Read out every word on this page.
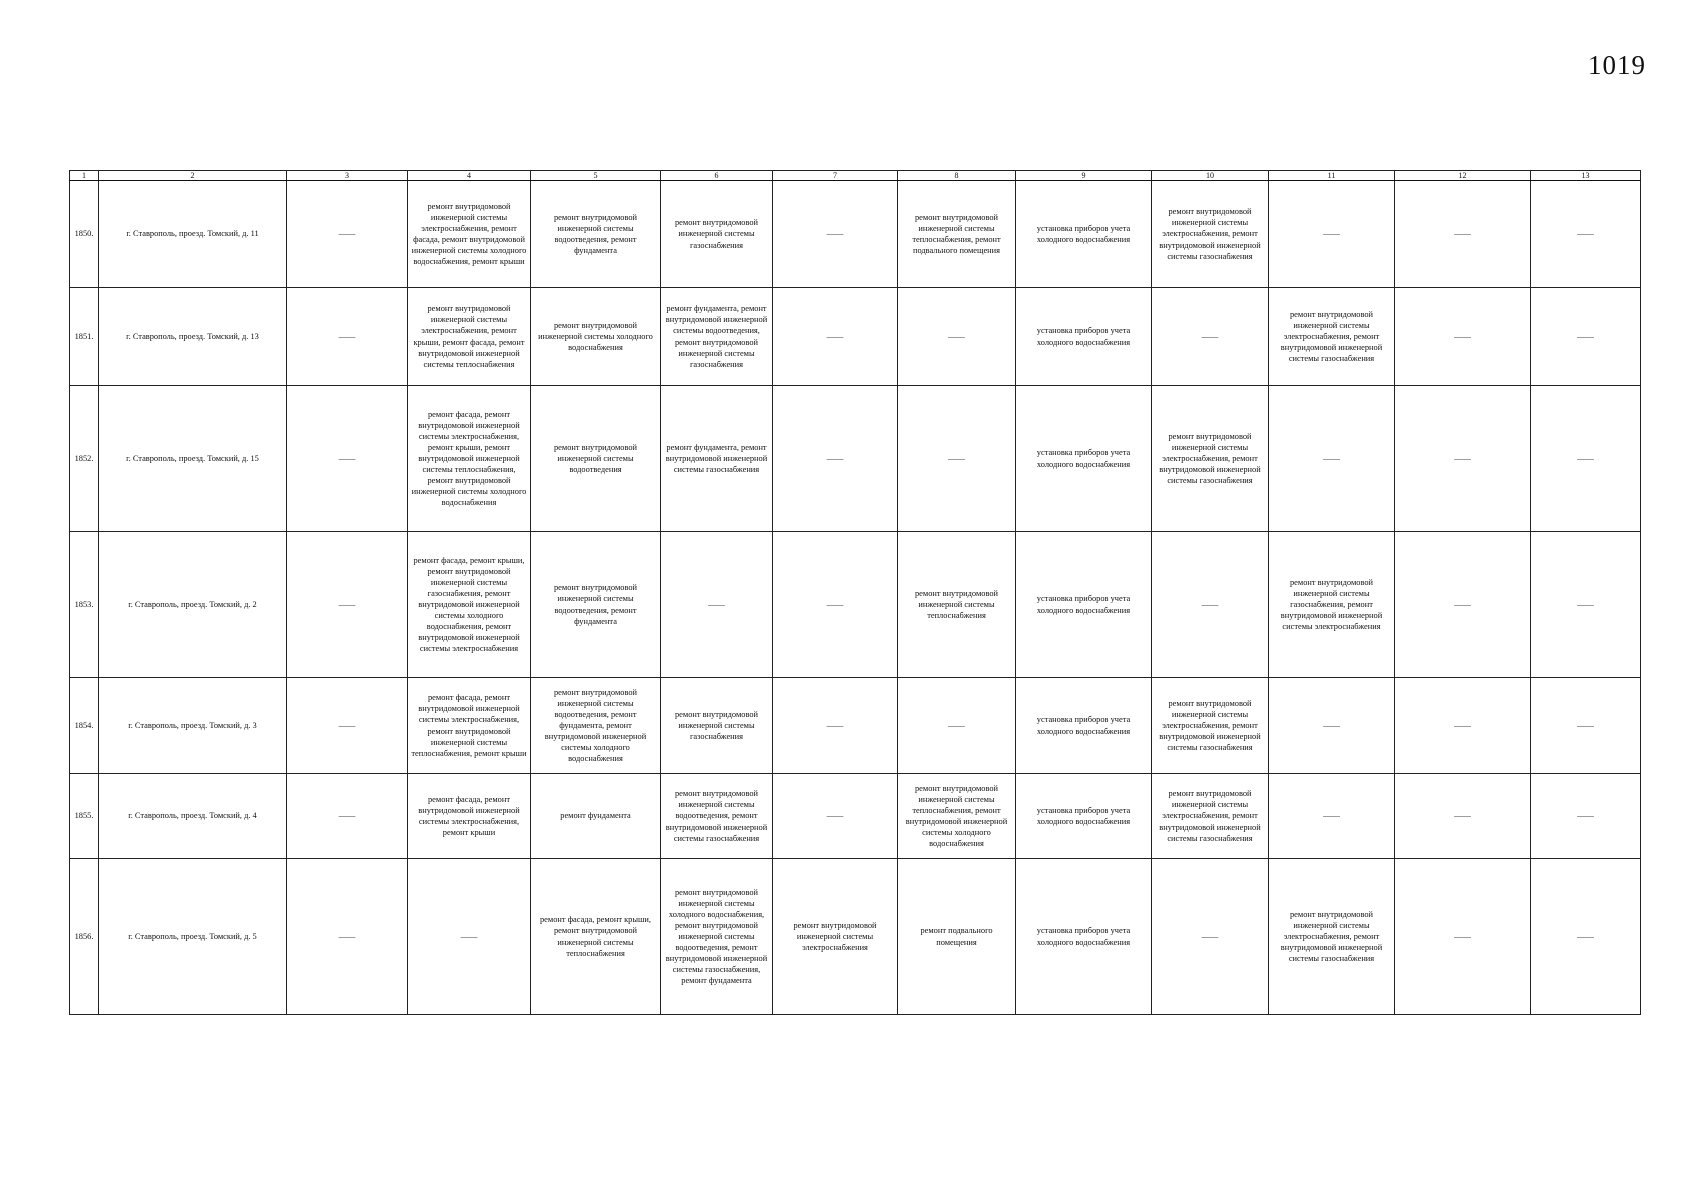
1019
1	2	3	4	5	6	7	8	9	10	11	12	13
1850.	г. Ставрополь, проезд. Томский, д. 11	——	ремонт внутридомовой инженерной системы электроснабжения, ремонт фасада, ремонт внутридомовой инженерной системы холодного водоснабжения, ремонт крыши	ремонт внутридомовой инженерной системы водоотведения, ремонт фундамента	ремонт внутридомовой инженерной системы газоснабжения	——	ремонт внутридомовой инженерной системы теплоснабжения, ремонт подвального помещения	установка приборов учета холодного водоснабжения	ремонт внутридомовой инженерной системы электроснабжения, ремонт внутридомовой инженерной системы газоснабжения	——	——	——
1851.	г. Ставрополь, проезд. Томский, д. 13	——	ремонт внутридомовой инженерной системы электроснабжения, ремонт крыши, ремонт фасада, ремонт внутридомовой инженерной системы теплоснабжения	ремонт внутридомовой инженерной системы холодного водоснабжения	ремонт фундамента, ремонт внутридомовой инженерной системы водоотведения, ремонт внутридомовой инженерной системы газоснабжения	——	——	установка приборов учета холодного водоснабжения	——	ремонт внутридомовой инженерной системы электроснабжения, ремонт внутридомовой инженерной системы газоснабжения	——	——
1852.	г. Ставрополь, проезд. Томский, д. 15	——	ремонт фасада, ремонт внутридомовой инженерной системы электроснабжения, ремонт крыши, ремонт внутридомовой инженерной системы теплоснабжения, ремонт внутридомовой инженерной системы холодного водоснабжения	ремонт внутридомовой инженерной системы водоотведения	ремонт фундамента, ремонт внутридомовой инженерной системы газоснабжения	——	——	установка приборов учета холодного водоснабжения	ремонт внутридомовой инженерной системы электроснабжения, ремонт внутридомовой инженерной системы газоснабжения	——	——	——
1853.	г. Ставрополь, проезд. Томский, д. 2	——	ремонт фасада, ремонт крыши, ремонт внутридомовой инженерной системы газоснабжения, ремонт внутридомовой инженерной системы холодного водоснабжения, ремонт внутридомовой инженерной системы электроснабжения	ремонт внутридомовой инженерной системы водоотведения, ремонт фундамента	——	——	ремонт внутридомовой инженерной системы теплоснабжения	установка приборов учета холодного водоснабжения	——	ремонт внутридомовой инженерной системы газоснабжения, ремонт внутридомовой инженерной системы электроснабжения	——	——
1854.	г. Ставрополь, проезд. Томский, д. 3	——	ремонт фасада, ремонт внутридомовой инженерной системы электроснабжения, ремонт внутридомовой инженерной системы теплоснабжения, ремонт крыши	ремонт внутридомовой инженерной системы водоотведения, ремонт фундамента, ремонт внутридомовой инженерной системы холодного водоснабжения	ремонт внутридомовой инженерной системы газоснабжения	——	——	установка приборов учета холодного водоснабжения	ремонт внутридомовой инженерной системы электроснабжения, ремонт внутридомовой инженерной системы газоснабжения	——	——	——
1855.	г. Ставрополь, проезд. Томский, д. 4	——	ремонт фасада, ремонт внутридомовой инженерной системы электроснабжения, ремонт крыши	ремонт фундамента	ремонт внутридомовой инженерной системы водоотведения, ремонт внутридомовой инженерной системы газоснабжения	——	ремонт внутридомовой инженерной системы теплоснабжения, ремонт внутридомовой инженерной системы холодного водоснабжения	установка приборов учета холодного водоснабжения	ремонт внутридомовой инженерной системы электроснабжения, ремонт внутридомовой инженерной системы газоснабжения	——	——	——
1856.	г. Ставрополь, проезд. Томский, д. 5	——	——	ремонт фасада, ремонт крыши, ремонт внутридомовой инженерной системы теплоснабжения	ремонт внутридомовой инженерной системы холодного водоснабжения, ремонт внутридомовой инженерной системы водоотведения, ремонт внутридомовой инженерной системы газоснабжения, ремонт фундамента	ремонт внутридомовой инженерной системы электроснабжения	ремонт подвального помещения	установка приборов учета холодного водоснабжения	——	ремонт внутридомовой инженерной системы электроснабжения, ремонт внутридомовой инженерной системы газоснабжения	——	——
